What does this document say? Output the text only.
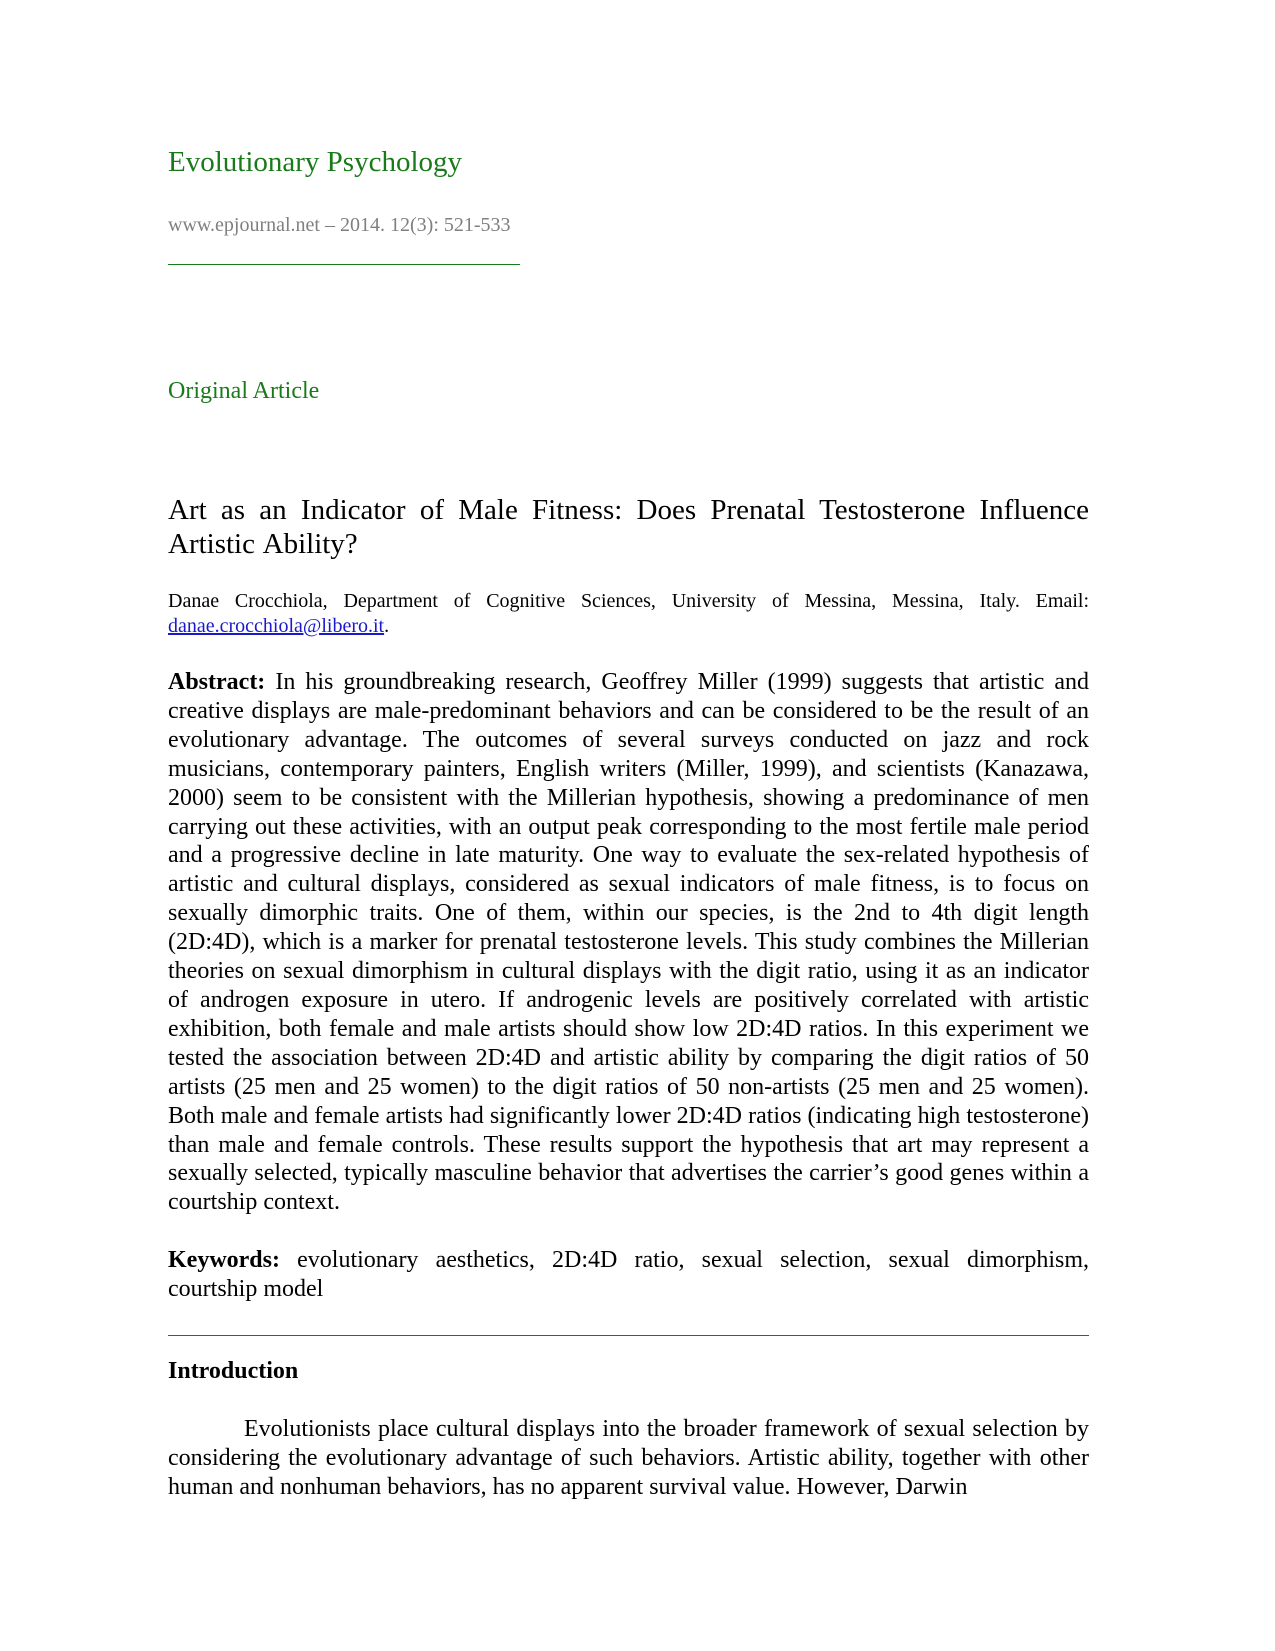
Evolutionary Psychology
www.epjournal.net – 2014. 12(3): 521-533
Original Article
Art as an Indicator of Male Fitness: Does Prenatal Testosterone Influence Artistic Ability?
Danae Crocchiola, Department of Cognitive Sciences, University of Messina, Messina, Italy. Email: danae.crocchiola@libero.it.

Abstract: In his groundbreaking research, Geoffrey Miller (1999) suggests that artistic and creative displays are male-predominant behaviors and can be considered to be the result of an evolutionary advantage. The outcomes of several surveys conducted on jazz and rock musicians, contemporary painters, English writers (Miller, 1999), and scientists (Kanazawa, 2000) seem to be consistent with the Millerian hypothesis, showing a predominance of men carrying out these activities, with an output peak corresponding to the most fertile male period and a progressive decline in late maturity. One way to evaluate the sex-related hypothesis of artistic and cultural displays, considered as sexual indicators of male fitness, is to focus on sexually dimorphic traits. One of them, within our species, is the 2nd to 4th digit length (2D:4D), which is a marker for prenatal testosterone levels. This study combines the Millerian theories on sexual dimorphism in cultural displays with the digit ratio, using it as an indicator of androgen exposure in utero. If androgenic levels are positively correlated with artistic exhibition, both female and male artists should show low 2D:4D ratios. In this experiment we tested the association between 2D:4D and artistic ability by comparing the digit ratios of 50 artists (25 men and 25 women) to the digit ratios of 50 non-artists (25 men and 25 women). Both male and female artists had significantly lower 2D:4D ratios (indicating high testosterone) than male and female controls. These results support the hypothesis that art may represent a sexually selected, typically masculine behavior that advertises the carrier’s good genes within a courtship context.

Keywords: evolutionary aesthetics, 2D:4D ratio, sexual selection, sexual dimorphism, courtship model

Introduction

Evolutionists place cultural displays into the broader framework of sexual selection by considering the evolutionary advantage of such behaviors. Artistic ability, together with other human and nonhuman behaviors, has no apparent survival value. However, Darwin
